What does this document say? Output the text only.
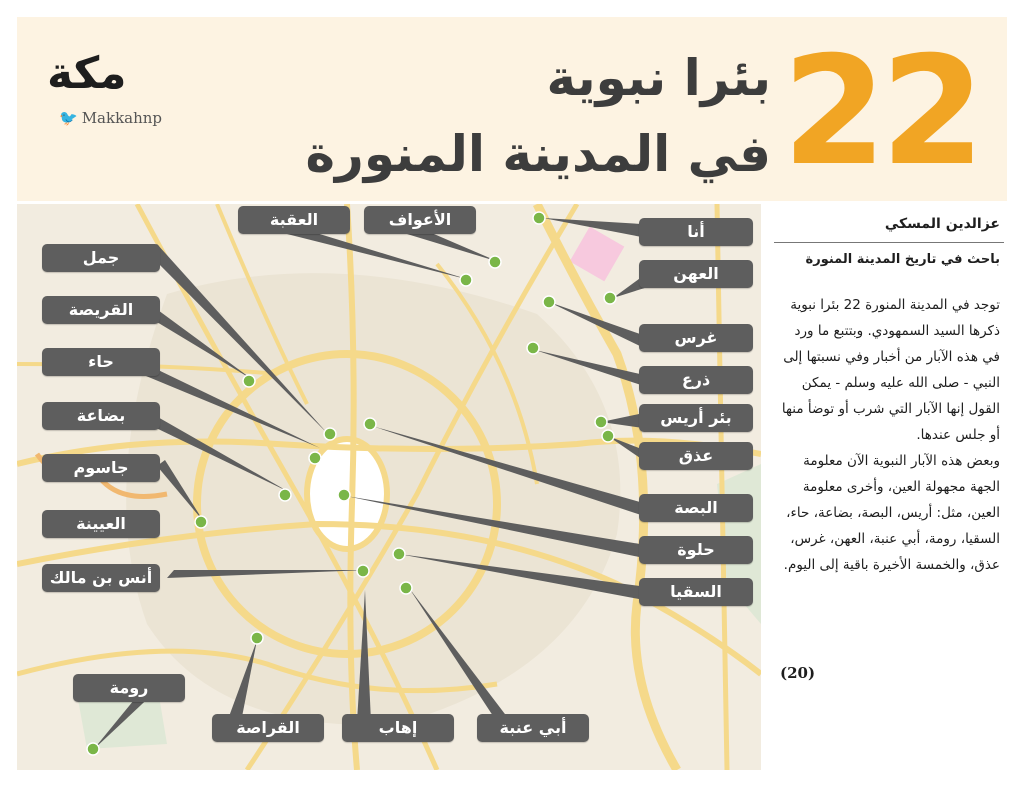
22
بئرا نبوية
في المدينة المنورة
مكة
🐦 Makkahnp
العقبة	الأعواف
أنا
جمل
العهن
القريصة
غرس
حاء
ذرع
بضاعة	بئر أريس
عذق
جاسوم
البصة
العيينة
حلوة
أنس بن مالك
السقيا
رومة
القراصة	إهاب	أبي عنبة
عزالدين المسكي
باحث في تاريخ المدينة المنورة
توجد في المدينة المنورة 22 بئرا نبوية ذكرها السيد السمهودي. وبتتبع ما ورد في هذه الآبار من أخبار وفي نسبتها إلى النبي - صلى الله عليه وسلم - يمكن القول إنها الآبار التي شرب أو توضأ منها أو جلس عندها.
وبعض هذه الآبار النبوية الآن معلومة الجهة مجهولة العين، وأخرى معلومة العين، مثل: أريس، البصة، بضاعة، حاء، السقيا، رومة، أبي عنبة، العهن، غرس، عذق، والخمسة الأخيرة باقية إلى اليوم.
(20)
